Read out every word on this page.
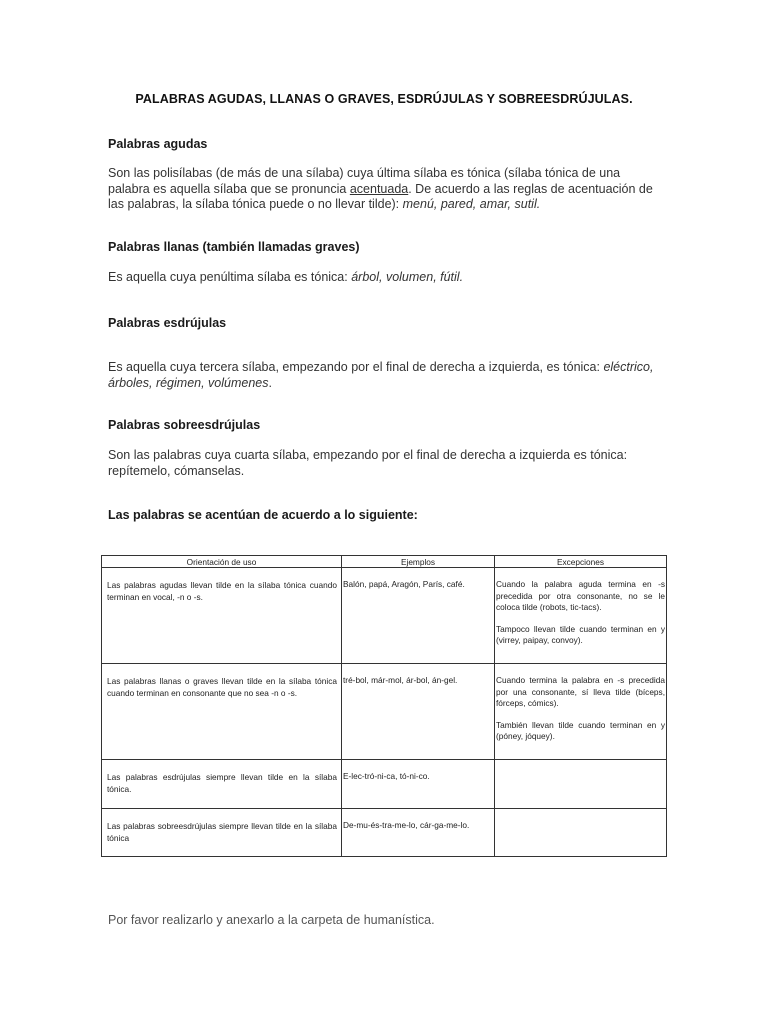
PALABRAS AGUDAS, LLANAS O GRAVES, ESDRÚJULAS Y SOBREESDRÚJULAS.
Palabras agudas
Son las polisílabas (de más de una sílaba) cuya última sílaba es tónica (sílaba tónica de una palabra es aquella sílaba que se pronuncia acentuada. De acuerdo a las reglas de acentuación de las palabras, la sílaba tónica puede o no llevar tilde): menú, pared, amar, sutil.
Palabras llanas (también llamadas graves)
Es aquella cuya penúltima sílaba es tónica: árbol, volumen, fútil.
Palabras esdrújulas
Es aquella cuya tercera sílaba, empezando por el final de derecha a izquierda, es tónica: eléctrico, árboles, régimen, volúmenes.
Palabras sobreesdrújulas
Son las palabras cuya cuarta sílaba, empezando por el final de derecha a izquierda es tónica: repítemelo, cómanselas.
Las palabras se acentúan de acuerdo a lo siguiente:
Orientación de uso	Ejemplos	Excepciones
Las palabras agudas llevan tilde en la sílaba tónica cuando terminan en vocal, -n o -s.	Balón, papá, Aragón, París, café.	Cuando la palabra aguda termina en -s precedida por otra consonante, no se le coloca tilde (robots, tic-tacs).
Tampoco llevan tilde cuando terminan en y (virrey, paipay, convoy).

Las palabras llanas o graves llevan tilde en la sílaba tónica cuando terminan en consonante que no sea -n o -s.	tré-bol, már-mol, ár-bol, án-gel.	Cuando termina la palabra en -s precedida por una consonante, sí lleva tilde (bíceps, fórceps, cómics).
También llevan tilde cuando terminan en y (póney, jóquey).

Las palabras esdrújulas siempre llevan tilde en la sílaba tónica.	E-lec-tró-ni-ca, tó-ni-co.	
Las palabras sobreesdrújulas siempre llevan tilde en la sílaba tónica	De-mu-és-tra-me-lo, cár-ga-me-lo.	
Por favor realizarlo y anexarlo a la carpeta de humanística.
